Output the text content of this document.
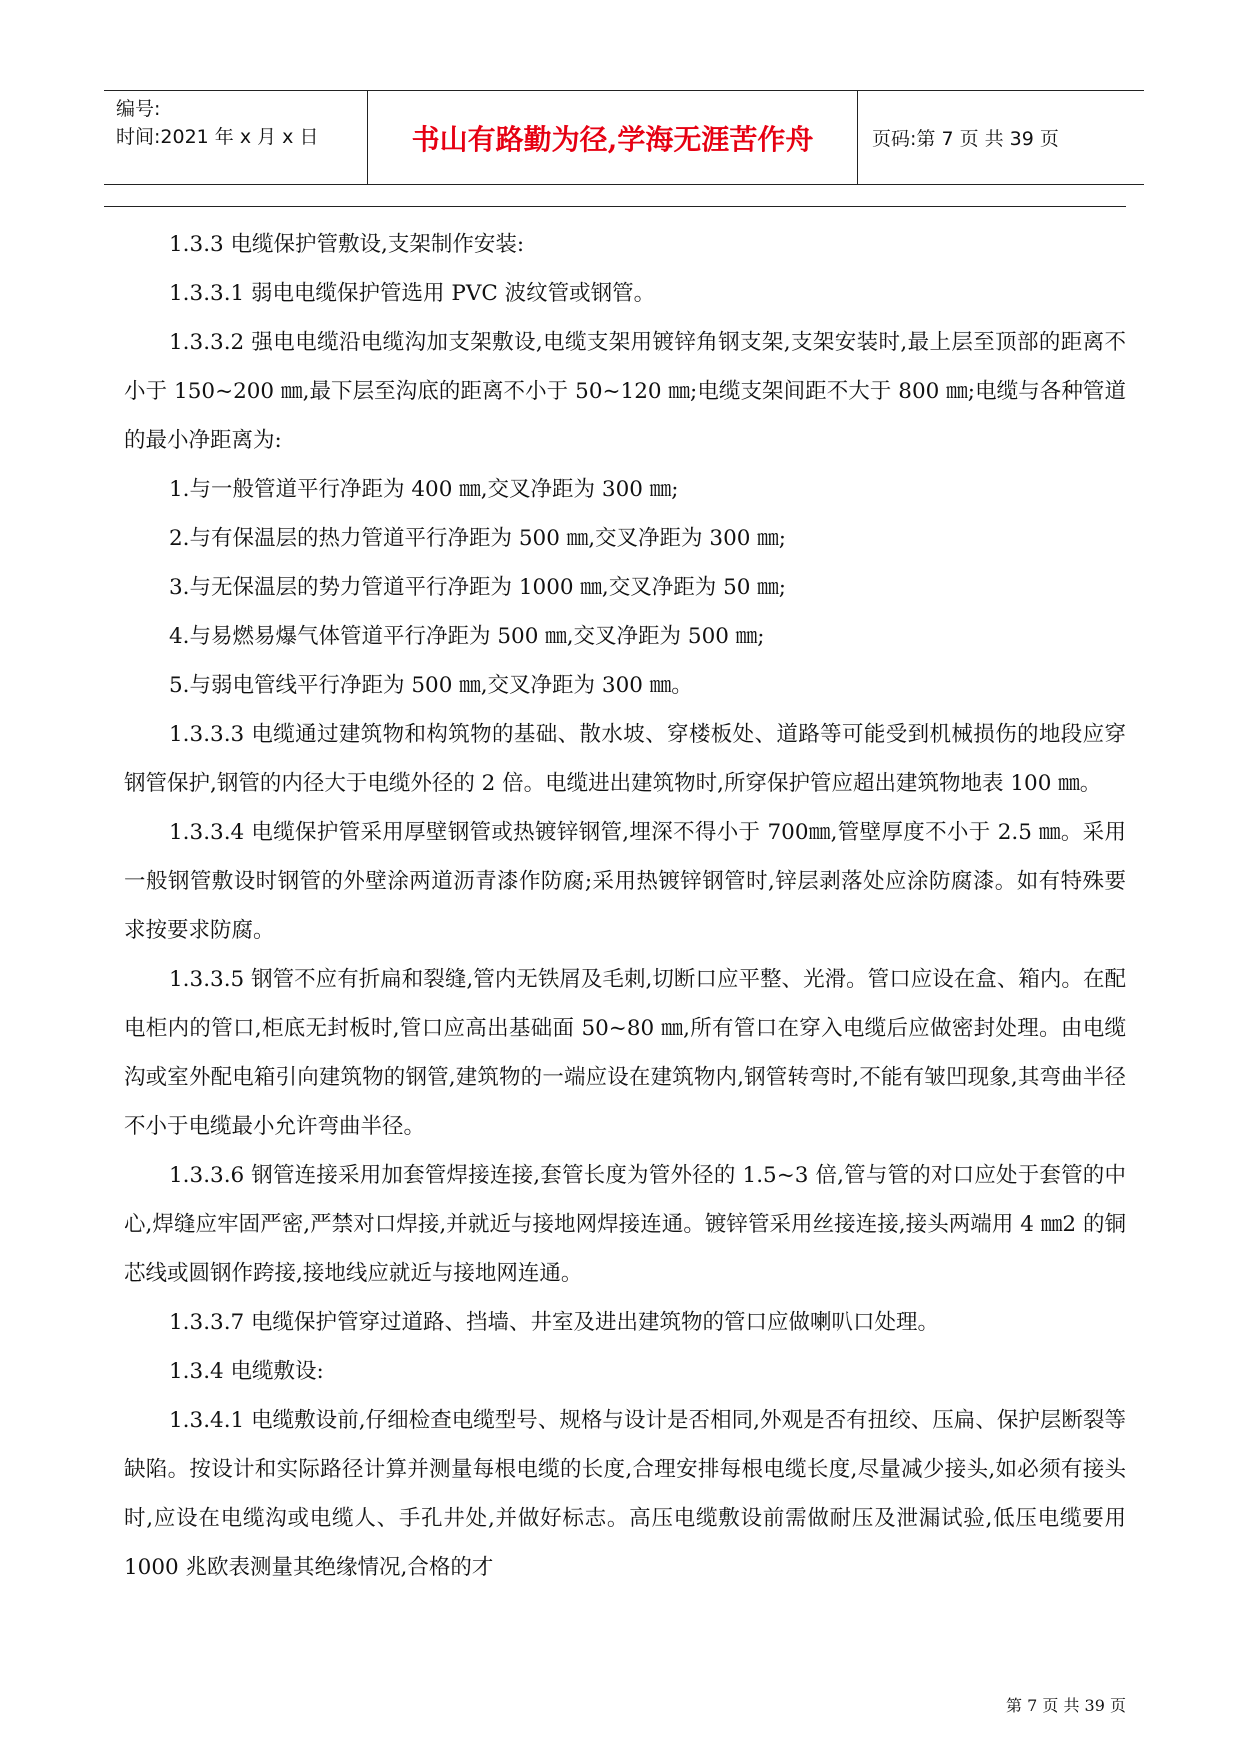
编号:
时间:2021 年 x 月 x 日	书山有路勤为径,学海无涯苦作舟	页码:第 7 页 共 39 页

1.3.3 电缆保护管敷设,支架制作安装:

1.3.3.1 弱电电缆保护管选用 PVC 波纹管或钢管。

1.3.3.2 强电电缆沿电缆沟加支架敷设,电缆支架用镀锌角钢支架,支架安装时,最上层至顶部的距离不小于 150~200 ㎜,最下层至沟底的距离不小于 50~120 ㎜;电缆支架间距不大于 800 ㎜;电缆与各种管道的最小净距离为:

1.与一般管道平行净距为 400 ㎜,交叉净距为 300 ㎜;

2.与有保温层的热力管道平行净距为 500 ㎜,交叉净距为 300 ㎜;

3.与无保温层的势力管道平行净距为 1000 ㎜,交叉净距为 50 ㎜;

4.与易燃易爆气体管道平行净距为 500 ㎜,交叉净距为 500 ㎜;

5.与弱电管线平行净距为 500 ㎜,交叉净距为 300 ㎜。

1.3.3.3 电缆通过建筑物和构筑物的基础、散水坡、穿楼板处、道路等可能受到机械损伤的地段应穿钢管保护,钢管的内径大于电缆外径的 2 倍。电缆进出建筑物时,所穿保护管应超出建筑物地表 100 ㎜。

1.3.3.4 电缆保护管采用厚壁钢管或热镀锌钢管,埋深不得小于 700㎜,管壁厚度不小于 2.5 ㎜。采用一般钢管敷设时钢管的外壁涂两道沥青漆作防腐;采用热镀锌钢管时,锌层剥落处应涂防腐漆。如有特殊要求按要求防腐。

1.3.3.5 钢管不应有折扁和裂缝,管内无铁屑及毛刺,切断口应平整、光滑。管口应设在盒、箱内。在配电柜内的管口,柜底无封板时,管口应高出基础面 50~80 ㎜,所有管口在穿入电缆后应做密封处理。由电缆沟或室外配电箱引向建筑物的钢管,建筑物的一端应设在建筑物内,钢管转弯时,不能有皱凹现象,其弯曲半径不小于电缆最小允许弯曲半径。

1.3.3.6 钢管连接采用加套管焊接连接,套管长度为管外径的 1.5~3 倍,管与管的对口应处于套管的中心,焊缝应牢固严密,严禁对口焊接,并就近与接地网焊接连通。镀锌管采用丝接连接,接头两端用 4 ㎜2 的铜芯线或圆钢作跨接,接地线应就近与接地网连通。

1.3.3.7 电缆保护管穿过道路、挡墙、井室及进出建筑物的管口应做喇叭口处理。

1.3.4 电缆敷设:

1.3.4.1 电缆敷设前,仔细检查电缆型号、规格与设计是否相同,外观是否有扭绞、压扁、保护层断裂等缺陷。按设计和实际路径计算并测量每根电缆的长度,合理安排每根电缆长度,尽量减少接头,如必须有接头时,应设在电缆沟或电缆人、手孔井处,并做好标志。高压电缆敷设前需做耐压及泄漏试验,低压电缆要用 1000 兆欧表测量其绝缘情况,合格的才

第 7 页 共 39 页
